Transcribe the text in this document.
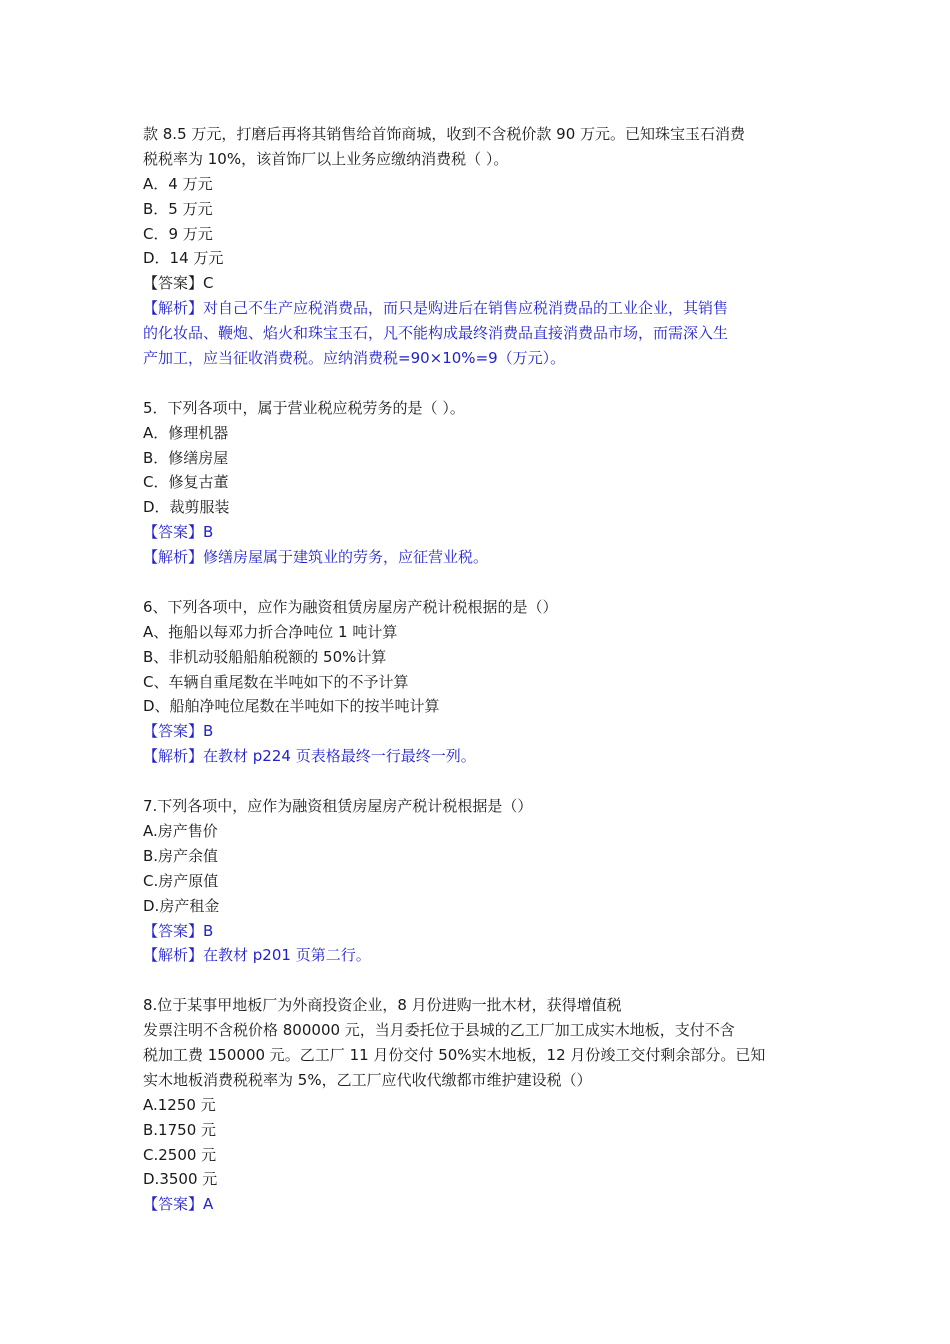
款 8.5 万元，打磨后再将其销售给首饰商城，收到不含税价款 90 万元。已知珠宝玉石消费
税税率为 10%，该首饰厂以上业务应缴纳消费税（ ）。
A．4 万元
B．5 万元
C．9 万元
D．14 万元
【答案】C
【解析】对自己不生产应税消费品，而只是购进后在销售应税消费品的工业企业，其销售
的化妆品、鞭炮、焰火和珠宝玉石，凡不能构成最终消费品直接消费品市场，而需深入生
产加工，应当征收消费税。应纳消费税=90×10%=9（万元）。
5．下列各项中，属于营业税应税劳务的是（ ）。
A．修理机器
B．修缮房屋
C．修复古董
D．裁剪服装
【答案】B
【解析】修缮房屋属于建筑业的劳务，应征营业税。
6、下列各项中，应作为融资租赁房屋房产税计税根据的是（）
A、拖船以每邓力折合净吨位 1 吨计算
B、非机动驳船船舶税额的 50%计算
C、车辆自重尾数在半吨如下的不予计算
D、船舶净吨位尾数在半吨如下的按半吨计算
【答案】B
【解析】在教材 p224 页表格最终一行最终一列。
7.下列各项中，应作为融资租赁房屋房产税计税根据是（）
A.房产售价
B.房产余值
C.房产原值
D.房产租金
【答案】B
【解析】在教材 p201 页第二行。
8.位于某事甲地板厂为外商投资企业，8 月份进购一批木材，获得增值税
发票注明不含税价格 800000 元，当月委托位于县城的乙工厂加工成实木地板，支付不含
税加工费 150000 元。乙工厂 11 月份交付 50%实木地板，12 月份竣工交付剩余部分。已知
实木地板消费税税率为 5%，乙工厂应代收代缴都市维护建设税（）
A.1250 元
B.1750 元
C.2500 元
D.3500 元
【答案】A
